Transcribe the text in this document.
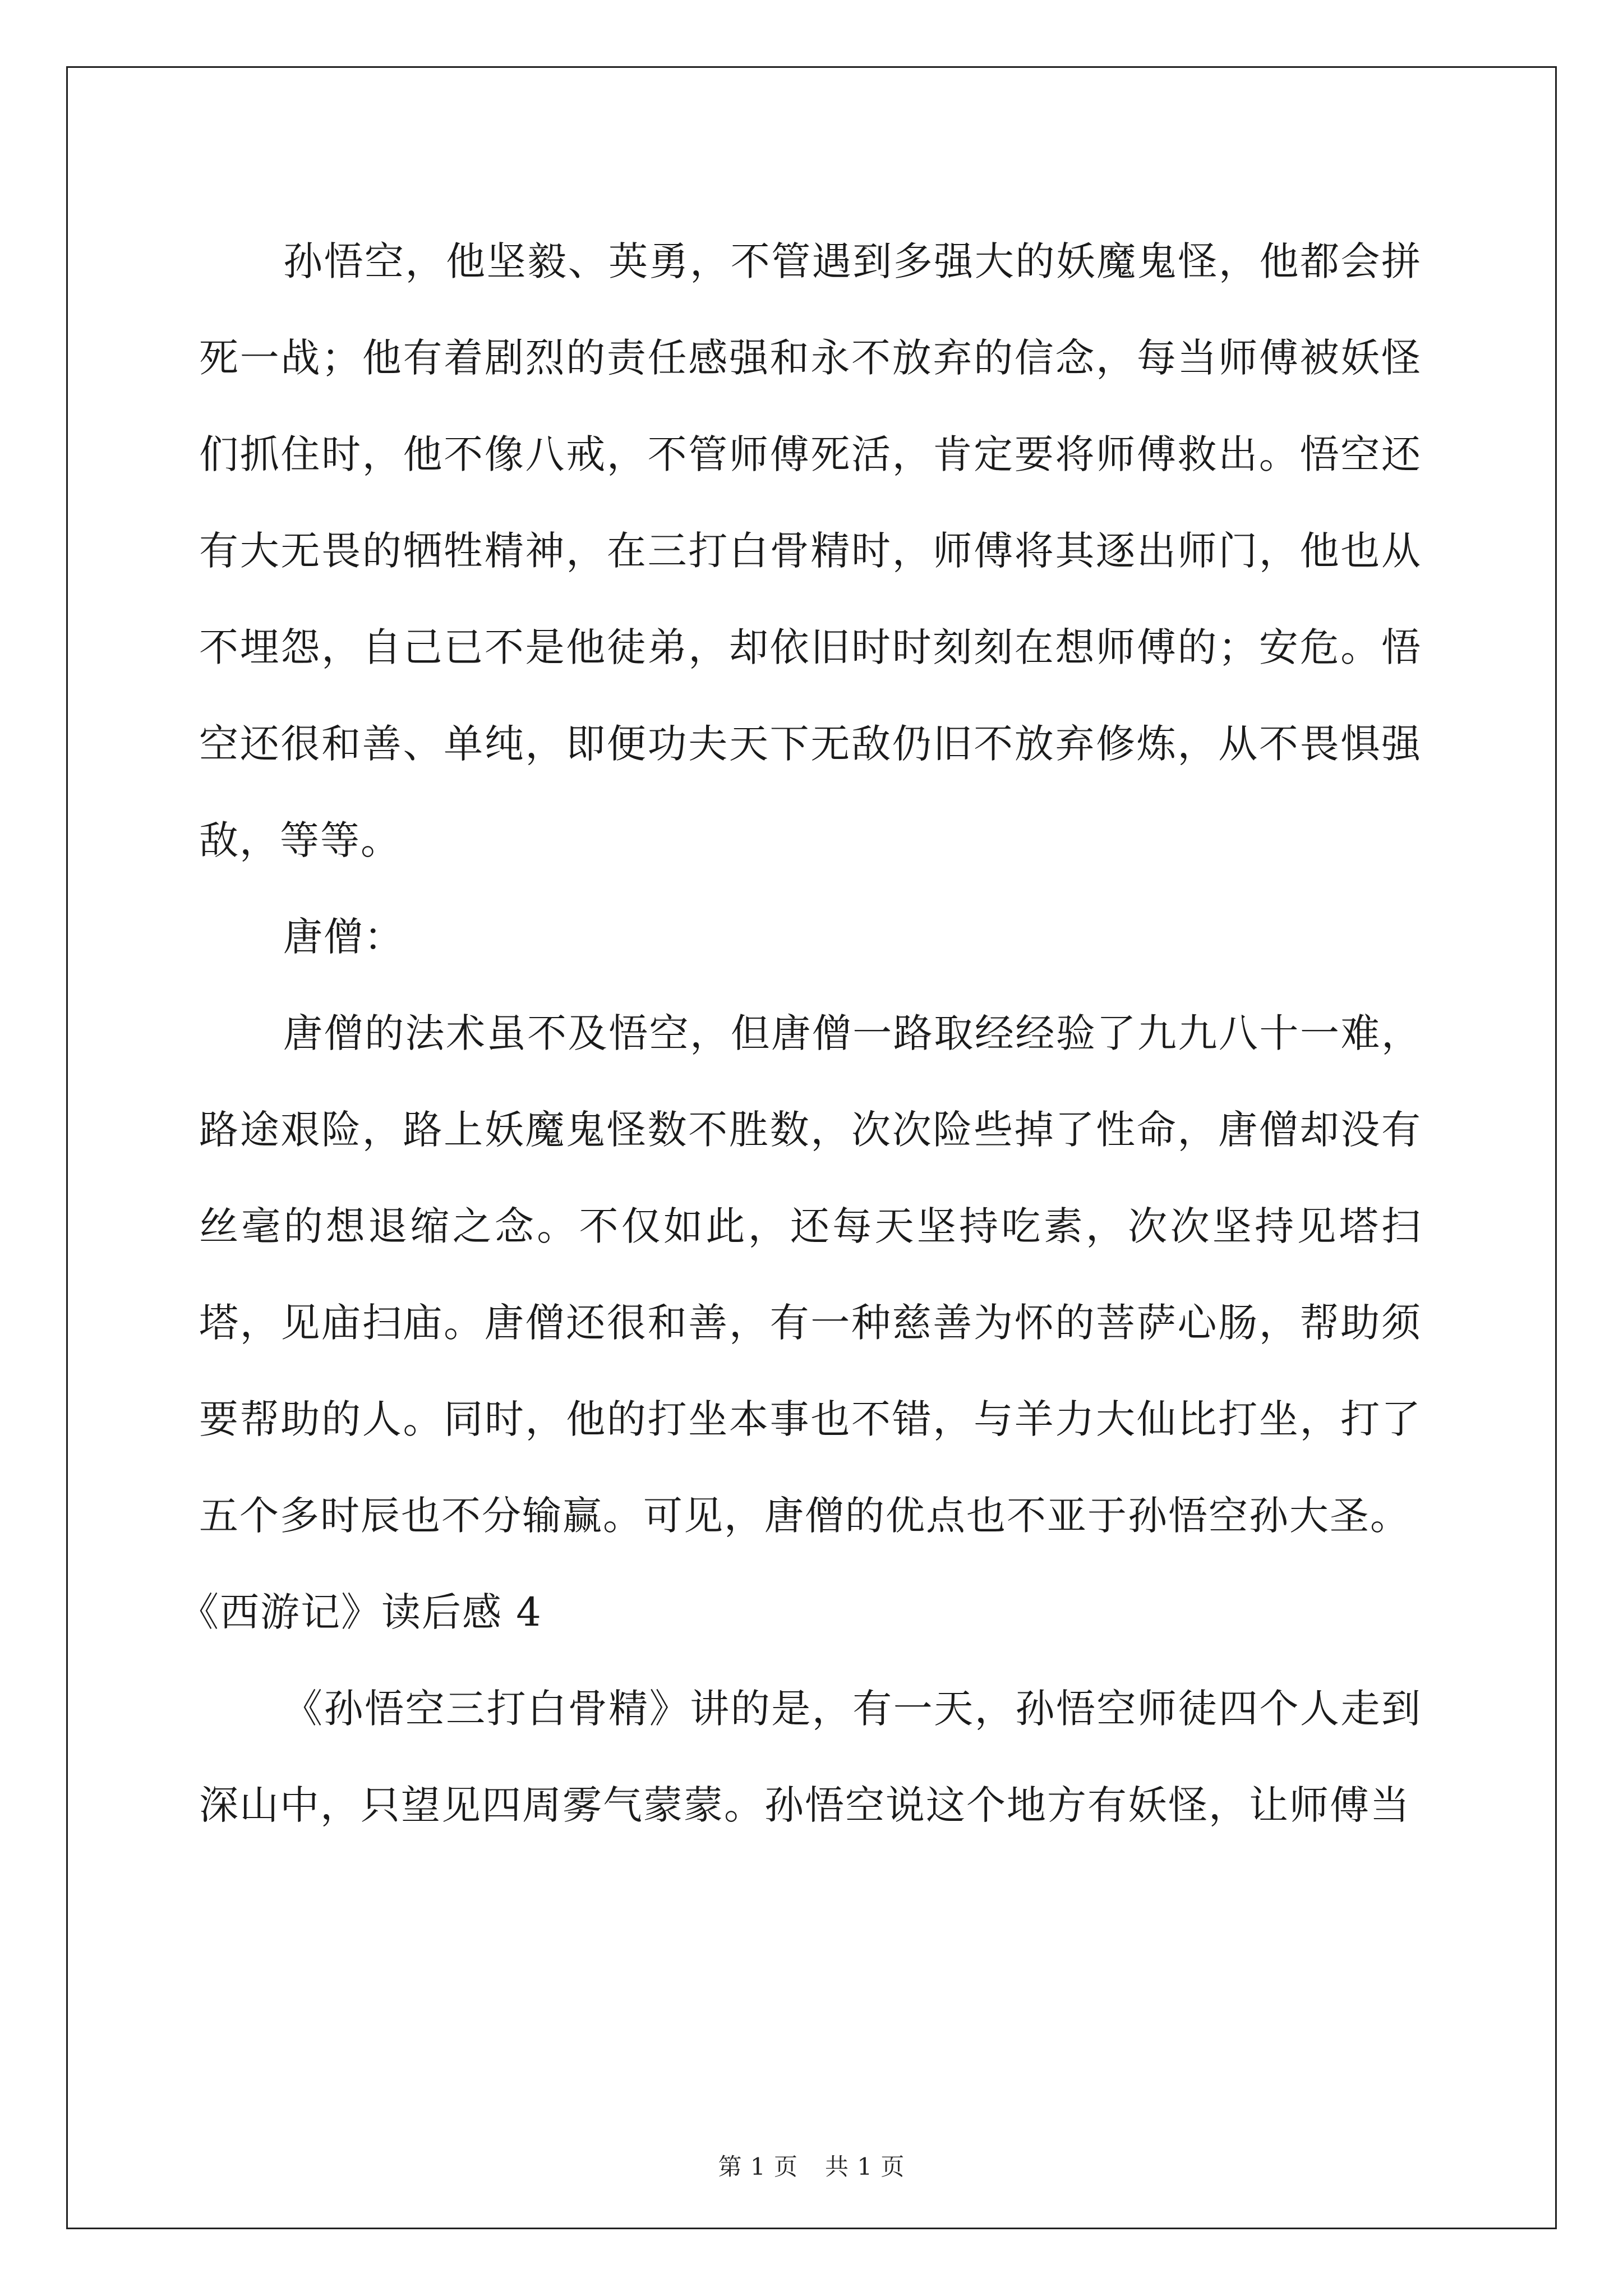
孙悟空，他坚毅、英勇，不管遇到多强大的妖魔鬼怪，他都会拼死一战；他有着剧烈的责任感强和永不放弃的信念，每当师傅被妖怪们抓住时，他不像八戒，不管师傅死活，肯定要将师傅救出。悟空还有大无畏的牺牲精神，在三打白骨精时，师傅将其逐出师门，他也从不埋怨，自己已不是他徒弟，却依旧时时刻刻在想师傅的；安危。悟空还很和善、单纯，即便功夫天下无敌仍旧不放弃修炼，从不畏惧强敌，等等。

唐僧：

唐僧的法术虽不及悟空，但唐僧一路取经经验了九九八十一难，路途艰险，路上妖魔鬼怪数不胜数，次次险些掉了性命，唐僧却没有丝毫的想退缩之念。不仅如此，还每天坚持吃素，次次坚持见塔扫塔，见庙扫庙。唐僧还很和善，有一种慈善为怀的菩萨心肠，帮助须要帮助的人。同时，他的打坐本事也不错，与羊力大仙比打坐，打了五个多时辰也不分输赢。可见，唐僧的优点也不亚于孙悟空孙大圣。

《西游记》读后感 4

《孙悟空三打白骨精》讲的是，有一天，孙悟空师徒四个人走到深山中，只望见四周雾气蒙蒙。孙悟空说这个地方有妖怪，让师傅当

第 1 页 共 1 页
